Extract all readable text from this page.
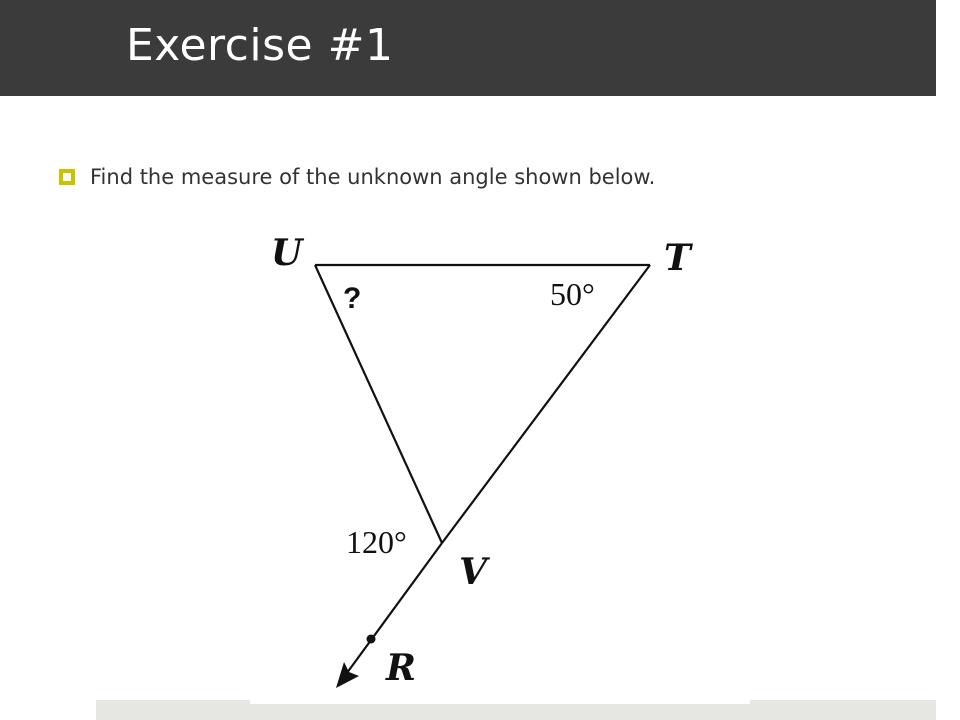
Exercise #1
Find the measure of the unknown angle shown below.
U	T
V
R
?	50°
120°
